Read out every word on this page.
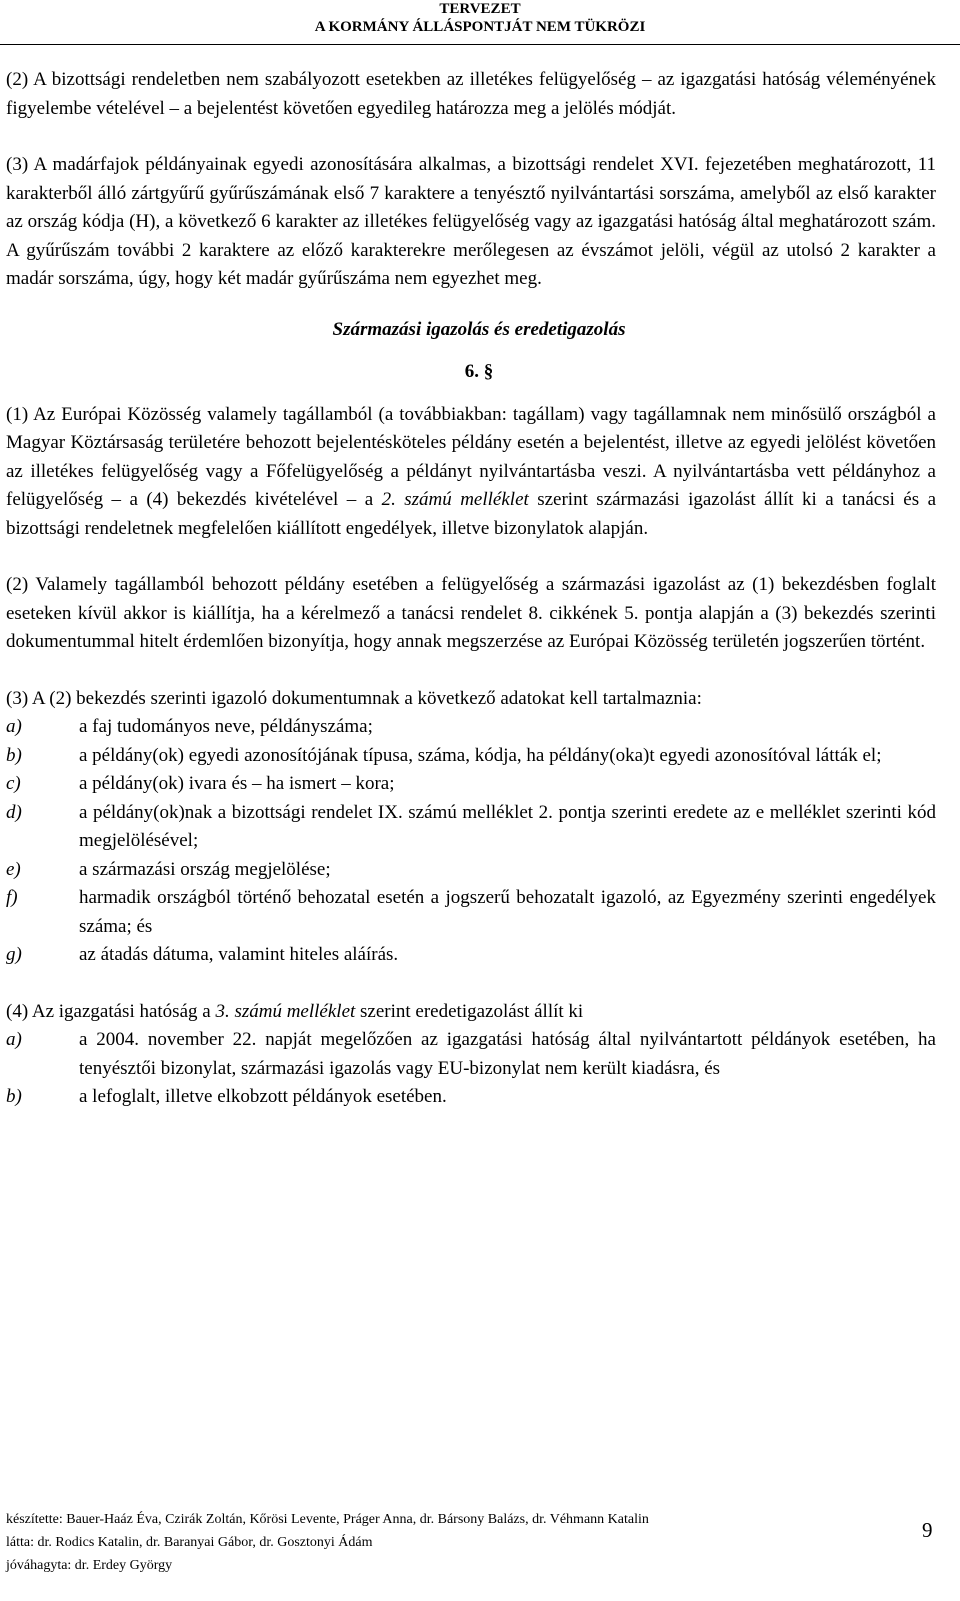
TERVEZET
A KORMÁNY ÁLLÁSPONTJÁT NEM TÜKRÖZI

(2) A bizottsági rendeletben nem szabályozott esetekben az illetékes felügyelőség – az igazgatási hatóság véleményének figyelembe vételével – a bejelentést követően egyedileg határozza meg a jelölés módját.

(3) A madárfajok példányainak egyedi azonosítására alkalmas, a bizottsági rendelet XVI. fejezetében meghatározott, 11 karakterből álló zártgyűrű gyűrűszámának első 7 karaktere a tenyésztő nyilvántartási sorszáma, amelyből az első karakter az ország kódja (H), a következő 6 karakter az illetékes felügyelőség vagy az igazgatási hatóság által meghatározott szám. A gyűrűszám további 2 karaktere az előző karakterekre merőlegesen az évszámot jelöli, végül az utolsó 2 karakter a madár sorszáma, úgy, hogy két madár gyűrűszáma nem egyezhet meg.

Származási igazolás és eredetigazolás
6. §

(1) Az Európai Közösség valamely tagállamból (a továbbiakban: tagállam) vagy tagállamnak nem minősülő országból a Magyar Köztársaság területére behozott bejelentésköteles példány esetén a bejelentést, illetve az egyedi jelölést követően az illetékes felügyelőség vagy a Főfelügyelőség a példányt nyilvántartásba veszi. A nyilvántartásba vett példányhoz a felügyelőség – a (4) bekezdés kivételével – a 2. számú melléklet szerint származási igazolást állít ki a tanácsi és a bizottsági rendeletnek megfelelően kiállított engedélyek, illetve bizonylatok alapján.

(2) Valamely tagállamból behozott példány esetében a felügyelőség a származási igazolást az (1) bekezdésben foglalt eseteken kívül akkor is kiállítja, ha a kérelmező a tanácsi rendelet 8. cikkének 5. pontja alapján a (3) bekezdés szerinti dokumentummal hitelt érdemlően bizonyítja, hogy annak megszerzése az Európai Közösség területén jogszerűen történt.

(3) A (2) bekezdés szerinti igazoló dokumentumnak a következő adatokat kell tartalmaznia:

a)	a faj tudományos neve, példányszáma;
b)	a példány(ok) egyedi azonosítójának típusa, száma, kódja, ha példány(oka)t egyedi azonosítóval látták el;
c)	a példány(ok) ivara és – ha ismert – kora;
d)	a példány(ok)nak a bizottsági rendelet IX. számú melléklet 2. pontja szerinti eredete az e melléklet szerinti kód megjelölésével;
e)	a származási ország megjelölése;
f)	harmadik országból történő behozatal esetén a jogszerű behozatalt igazoló, az Egyezmény szerinti engedélyek száma; és
g)	az átadás dátuma, valamint hiteles aláírás.

(4) Az igazgatási hatóság a 3. számú melléklet szerint eredetigazolást állít ki

a)	a 2004. november 22. napját megelőzően az igazgatási hatóság által nyilvántartott példányok esetében, ha tenyésztői bizonylat, származási igazolás vagy EU-bizonylat nem került kiadásra, és
b)	a lefoglalt, illetve elkobzott példányok esetében.
készítette: Bauer-Haáz Éva, Czirák Zoltán, Kőrösi Levente, Práger Anna, dr. Bársony Balázs, dr. Véhmann Katalin
látta: dr. Rodics Katalin, dr. Baranyai Gábor, dr. Gosztonyi Ádám
jóváhagyta: dr. Erdey György
9
